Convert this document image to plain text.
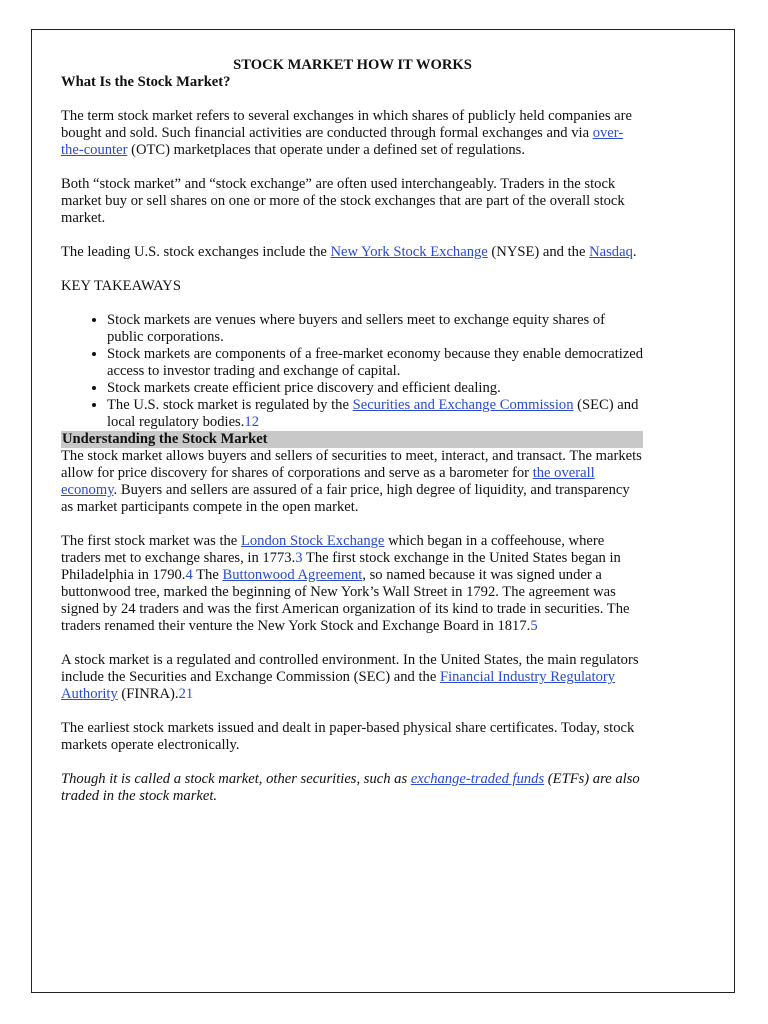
STOCK MARKET HOW IT WORKS

What Is the Stock Market?

The term stock market refers to several exchanges in which shares of publicly held companies are bought and sold. Such financial activities are conducted through formal exchanges and via over-the-counter (OTC) marketplaces that operate under a defined set of regulations.

Both “stock market” and “stock exchange” are often used interchangeably. Traders in the stock market buy or sell shares on one or more of the stock exchanges that are part of the overall stock market.

The leading U.S. stock exchanges include the New York Stock Exchange (NYSE) and the Nasdaq.

KEY TAKEAWAYS

• Stock markets are venues where buyers and sellers meet to exchange equity shares of public corporations.
• Stock markets are components of a free-market economy because they enable democratized access to investor trading and exchange of capital.
• Stock markets create efficient price discovery and efficient dealing.
• The U.S. stock market is regulated by the Securities and Exchange Commission (SEC) and local regulatory bodies.12

Understanding the Stock Market

The stock market allows buyers and sellers of securities to meet, interact, and transact. The markets allow for price discovery for shares of corporations and serve as a barometer for the overall economy. Buyers and sellers are assured of a fair price, high degree of liquidity, and transparency as market participants compete in the open market.

The first stock market was the London Stock Exchange which began in a coffeehouse, where traders met to exchange shares, in 1773.3 The first stock exchange in the United States began in Philadelphia in 1790.4 The Buttonwood Agreement, so named because it was signed under a buttonwood tree, marked the beginning of New York’s Wall Street in 1792. The agreement was signed by 24 traders and was the first American organization of its kind to trade in securities. The traders renamed their venture the New York Stock and Exchange Board in 1817.5

A stock market is a regulated and controlled environment. In the United States, the main regulators include the Securities and Exchange Commission (SEC) and the Financial Industry Regulatory Authority (FINRA).21

The earliest stock markets issued and dealt in paper-based physical share certificates. Today, stock markets operate electronically.

Though it is called a stock market, other securities, such as exchange-traded funds (ETFs) are also traded in the stock market.
